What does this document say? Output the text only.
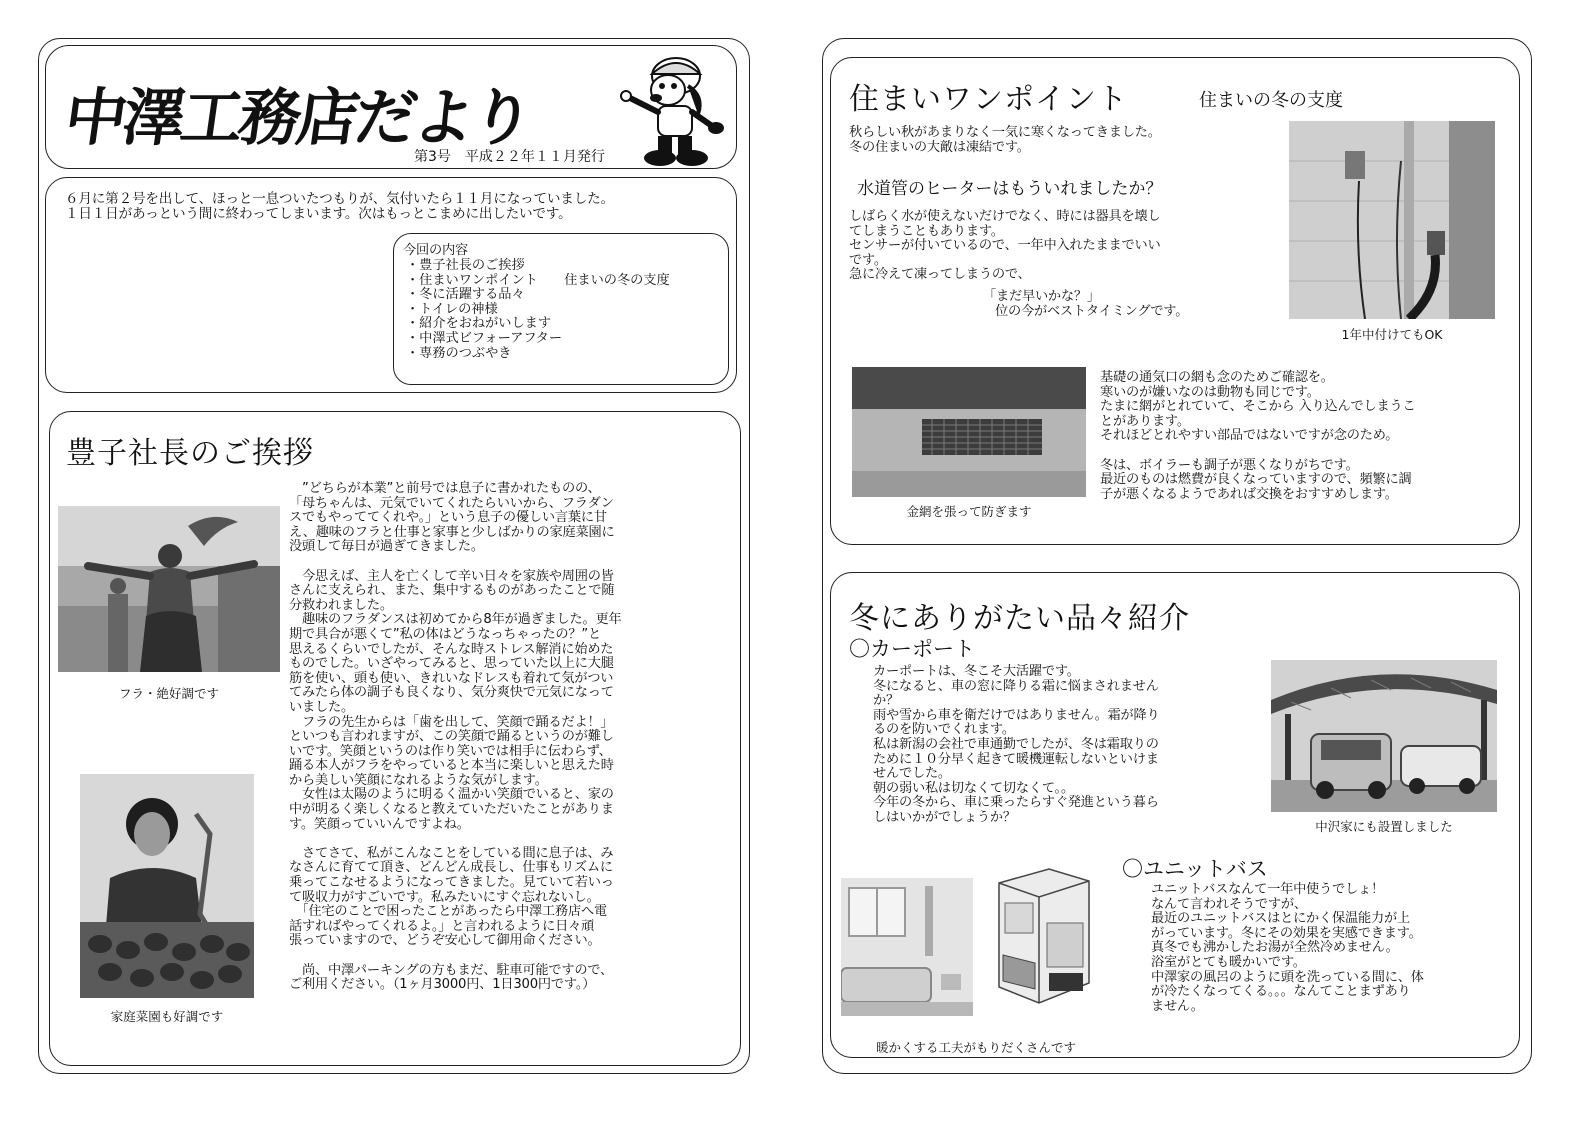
中澤工務店だより
第3号　平成２２年１１月発行
６月に第２号を出して、ほっと一息ついたつもりが、気付いたら１１月になっていました。
１日１日があっという間に終わってしまいます。次はもっとこまめに出したいです。
今回の内容
・豊子社長のご挨拶
・住まいワンポイント　　住まいの冬の支度
・冬に活躍する品々
・トイレの神様
・紹介をおねがいします
・中澤式ビフォーアフター
・専務のつぶやき
豊子社長のご挨拶
　”どちらが本業”と前号では息子に書かれたものの、
「母ちゃんは、元気でいてくれたらいいから、フラダン
スでもやっててくれや。」という息子の優しい言葉に甘
え、趣味のフラと仕事と家事と少しばかりの家庭菜園に
没頭して毎日が過ぎてきました。

　今思えば、主人を亡くして辛い日々を家族や周囲の皆
さんに支えられ、また、集中するものがあったことで随
分救われました。
　趣味のフラダンスは初めてから8年が過ぎました。更年
期で具合が悪くて”私の体はどうなっちゃったの？”と
思えるくらいでしたが、そんな時ストレス解消に始めた
ものでした。いざやってみると、思っていた以上に大腿
筋を使い、頭も使い、きれいなドレスも着れて気がつい
てみたら体の調子も良くなり、気分爽快で元気になって
いました。
　フラの先生からは「歯を出して、笑顔で踊るだよ！」
といつも言われますが、この笑顔で踊るというのが難し
いです。笑顔というのは作り笑いでは相手に伝わらず、
踊る本人がフラをやっていると本当に楽しいと思えた時
から美しい笑顔になれるような気がします。
　女性は太陽のように明るく温かい笑顔でいると、家の
中が明るく楽しくなると教えていただいたことがありま
す。笑顔っていいんですよね。

　さてさて、私がこんなことをしている間に息子は、み
なさんに育てて頂き、どんどん成長し、仕事もリズムに
乗ってこなせるようになってきました。見ていて若いっ
て吸収力がすごいです。私みたいにすぐ忘れないし。
　「住宅のことで困ったことがあったら中澤工務店へ電
話すればやってくれるよ。」と言われるように日々頑
張っていますので、どうぞ安心して御用命ください。

　尚、中澤パーキングの方もまだ、駐車可能ですので、
ご利用ください。（1ヶ月3000円、1日300円です。）
フラ・絶好調です
家庭菜園も好調です
住まいワンポイント	住まいの冬の支度
秋らしい秋があまりなく一気に寒くなってきました。
冬の住まいの大敵は凍結です。
水道管のヒーターはもういれましたか？
しばらく水が使えないだけでなく、時には器具を壊し
てしまうこともあります。
センサーが付いているので、一年中入れたままでいい
です。
急に冷えて凍ってしまうので、
「まだ早いかな？」
位の今がベストタイミングです。
1年中付けてもOK
金網を張って防ぎます
基礎の通気口の網も念のためご確認を。
寒いのが嫌いなのは動物も同じです。
たまに網がとれていて、そこから 入り込んでしまうこ
とがあります。
それほどとれやすい部品ではないですが念のため。

冬は、ボイラーも調子が悪くなりがちです。
最近のものは燃費が良くなっていますので、頻繁に調
子が悪くなるようであれば交換をおすすめします。
冬にありがたい品々紹介
〇カーポート
カーポートは、冬こそ大活躍です。
冬になると、車の窓に降りる霜に悩まされません
か？
雨や雪から車を衛だけではありません。霜が降り
るのを防いでくれます。
私は新潟の会社で車通勤でしたが、冬は霜取りの
ために１０分早く起きて暖機運転しないといけま
せんでした。
朝の弱い私は切なくて切なくて。。
今年の冬から、車に乗ったらすぐ発進という暮ら
しはいかがでしょうか？
中沢家にも設置しました
〇ユニットバス
ユニットバスなんて一年中使うでしょ！
なんて言われそうですが、
最近のユニットバスはとにかく保温能力が上
がっています。冬にその効果を実感できます。
真冬でも沸かしたお湯が全然冷めません。
浴室がとても暖かいです。
中澤家の風呂のように頭を洗っている間に、体
が冷たくなってくる。。。なんてことまずあり
ません。
暖かくする工夫がもりだくさんです
